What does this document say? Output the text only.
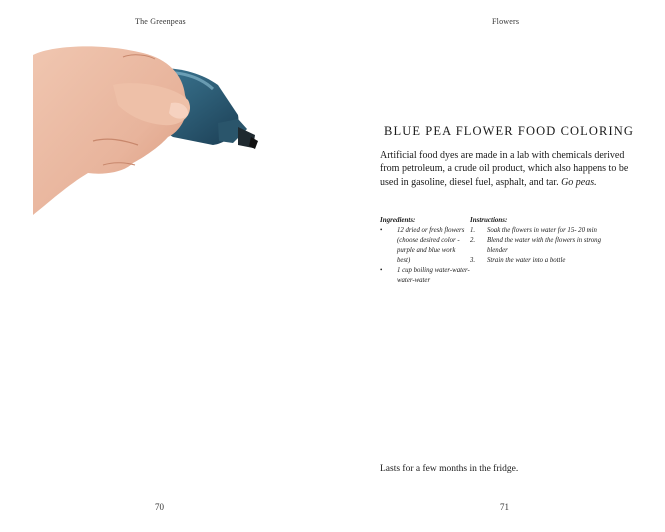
The Greenpeas
70
Flowers
BLUE PEA FLOWER FOOD COLORING
Artificial food dyes are made in a lab with chemicals derived from petroleum, a crude oil product, which also happens to be used in gasoline, diesel fuel, asphalt, and tar. Go peas.
Ingredients:
• 12 dried or fresh flowers (choose desired color - purple and blue work best)
• 1 cup boiling water-water-water-water
Instructions:
1. Soak the flowers in water for 15- 20 min
2. Blend the water with the flowers in strong blender
3. Strain the water into a bottle
Lasts for a few months in the fridge.
71
